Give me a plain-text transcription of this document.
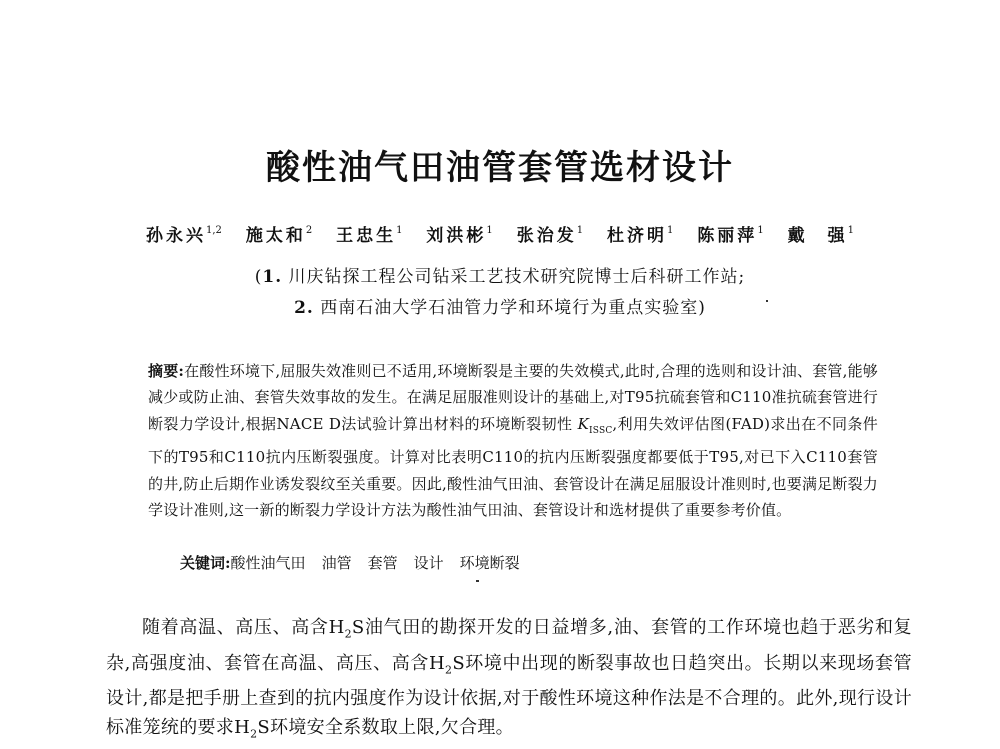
酸性油气田油管套管选材设计
孙永兴$^{1,2}$ 施太和$^2$ 王忠生$^1$ 刘洪彬$^1$ 张治发$^1$ 杜济明$^1$ 陈丽萍$^1$ 戴　强$^1$
(1. 川庆钻探工程公司钻采工艺技术研究院博士后科研工作站;
2. 西南石油大学石油管力学和环境行为重点实验室)
摘要:在酸性环境下,屈服失效准则已不适用,环境断裂是主要的失效模式,此时,合理的选则和设计油、套管,能够减少或防止油、套管失效事故的发生。在满足屈服准则设计的基础上,对T95抗硫套管和C110准抗硫套管进行断裂力学设计,根据NACE D法试验计算出材料的环境断裂韧性 $K_{ISSC}$,利用失效评估图(FAD)求出在不同条件下的T95和C110抗内压断裂强度。计算对比表明C110的抗内压断裂强度都要低于T95,对已下入C110套管的井,防止后期作业诱发裂纹至关重要。因此,酸性油气田油、套管设计在满足屈服设计准则时,也要满足断裂力学设计准则,这一新的断裂力学设计方法为酸性油气田油、套管设计和选材提供了重要参考价值。
关键词:酸性油气田 油管 套管 设计 环境断裂
随着高温、高压、高含$H_2S$油气田的勘探开发的日益增多,油、套管的工作环境也趋于恶劣和复杂,高强度油、套管在高温、高压、高含$H_2S$环境中出现的断裂事故也日趋突出。长期以来现场套管设计,都是把手册上查到的抗内强度作为设计依据,对于酸性环境这种作法是不合理的。此外,现行设计标准笼统的要求$H_2S$环境安全系数取上限,欠合理。
